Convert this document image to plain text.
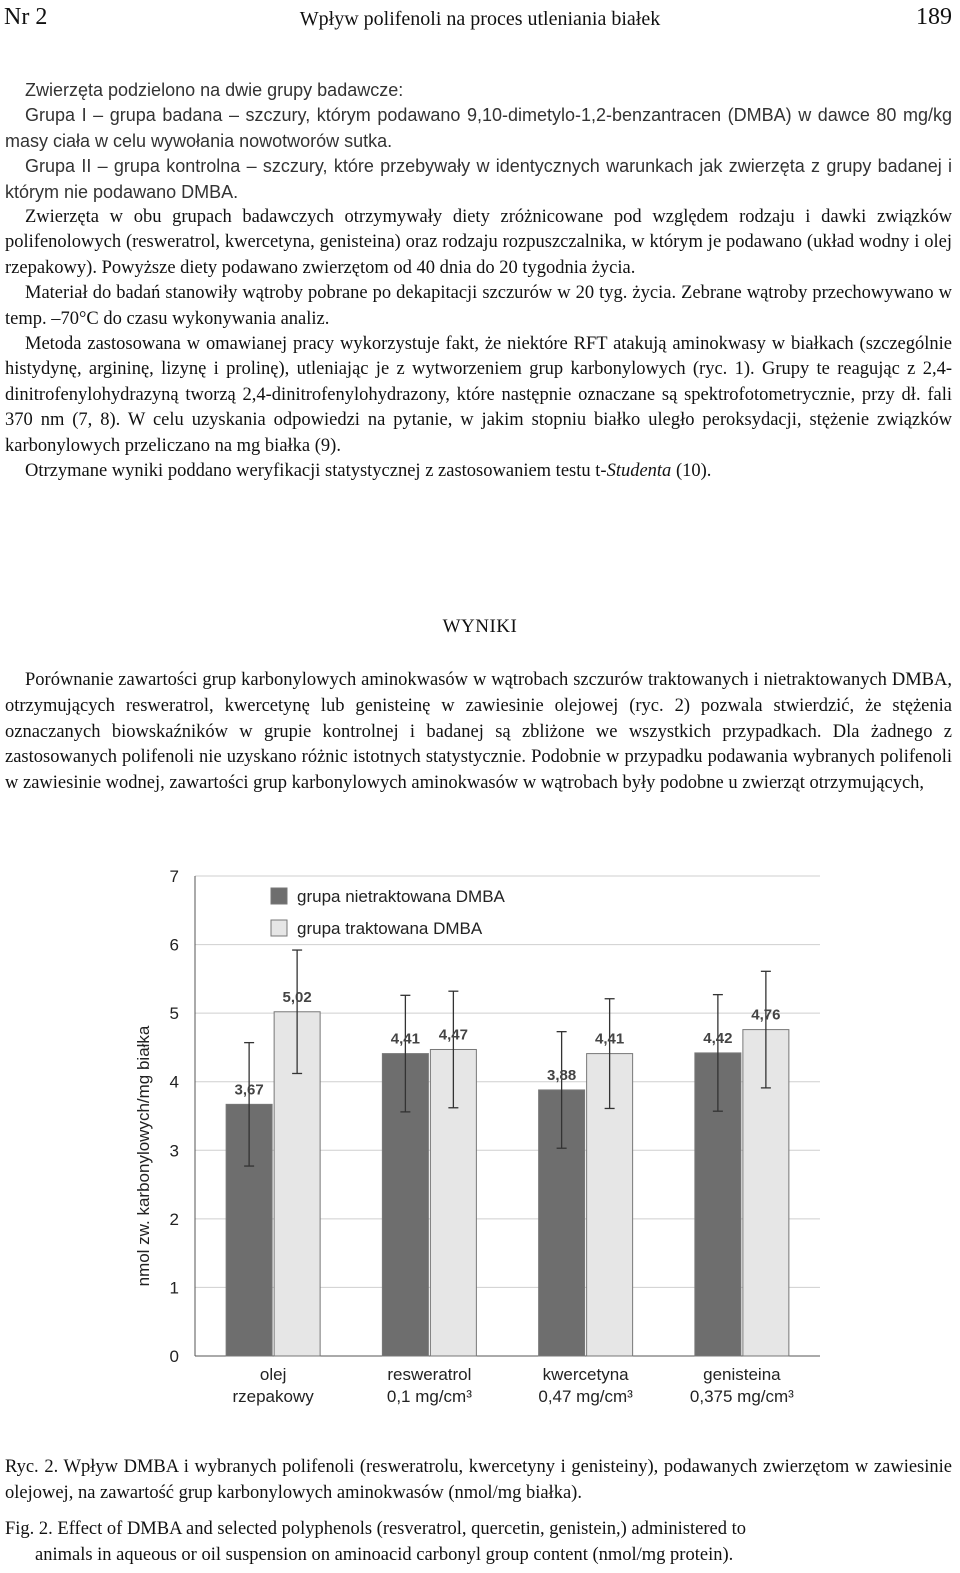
Nr 2	Wpływ polifenoli na proces utleniania białek	189

Zwierzęta podzielono na dwie grupy badawcze:

Grupa I – grupa badana – szczury, którym podawano 9,10-dimetylo-1,2-benzantracen (DMBA) w dawce 80 mg/kg masy ciała w celu wywołania nowotworów sutka.

Grupa II – grupa kontrolna – szczury, które przebywały w identycznych warunkach jak zwierzęta z grupy badanej i którym nie podawano DMBA.

Zwierzęta w obu grupach badawczych otrzymywały diety zróżnicowane pod względem rodzaju i dawki związków polifenolowych (resweratrol, kwercetyna, genisteina) oraz rodzaju rozpuszczalnika, w którym je podawano (układ wodny i olej rzepakowy). Powyższe diety podawano zwierzętom od 40 dnia do 20 tygodnia życia.

Materiał do badań stanowiły wątroby pobrane po dekapitacji szczurów w 20 tyg. życia. Zebrane wątroby przechowywano w temp. –70°C do czasu wykonywania analiz.

Metoda zastosowana w omawianej pracy wykorzystuje fakt, że niektóre RFT atakują aminokwasy w białkach (szczególnie histydynę, argininę, lizynę i prolinę), utleniając je z wytworzeniem grup karbonylowych (ryc. 1). Grupy te reagując z 2,4-dinitrofenylohydrazyną tworzą 2,4-dinitrofenylohydrazony, które następnie oznaczane są spektrofotometrycznie, przy dł. fali 370 nm (7, 8). W celu uzyskania odpowiedzi na pytanie, w jakim stopniu białko uległo peroksydacji, stężenie związków karbonylowych przeliczano na mg białka (9).

Otrzymane wyniki poddano weryfikacji statystycznej z zastosowaniem testu t-Studenta (10).

WYNIKI

Porównanie zawartości grup karbonylowych aminokwasów w wątrobach szczurów traktowanych i nietraktowanych DMBA, otrzymujących resweratrol, kwercetynę lub genisteinę w zawiesinie olejowej (ryc. 2) pozwala stwierdzić, że stężenia oznaczanych biowskaźników w grupie kontrolnej i badanej są zbliżone we wszystkich przypadkach. Dla żadnego z zastosowanych polifenoli nie uzyskano różnic istotnych statystycznie. Podobnie w przypadku podawania wybranych polifenoli w zawiesinie wodnej, zawartości grup karbonylowych aminokwasów w wątrobach były podobne u zwierząt otrzymujących,

0
1
2
3
4
5
6
7
nmol zw. karbonylowych/mg białka	3,67
4,41
3,88
4,42
5,02
4,47	4,41
4,76
olej
rzepakowy
resweratrol
0,1 mg/cm³
kwercetyna
0,47 mg/cm³
genisteina
0,375 mg/cm³
grupa nietraktowana DMBA
grupa traktowana DMBA
Ryc. 2. Wpływ DMBA i wybranych polifenoli (resweratrolu, kwercetyny i genisteiny), podawanych zwierzętom w zawiesinie olejowej, na zawartość grup karbonylowych aminokwasów (nmol/mg białka).
Fig. 2. Effect of DMBA and selected polyphenols (resveratrol, quercetin, genistein,) administered to
animals in aqueous or oil suspension on aminoacid carbonyl group content (nmol/mg protein).
